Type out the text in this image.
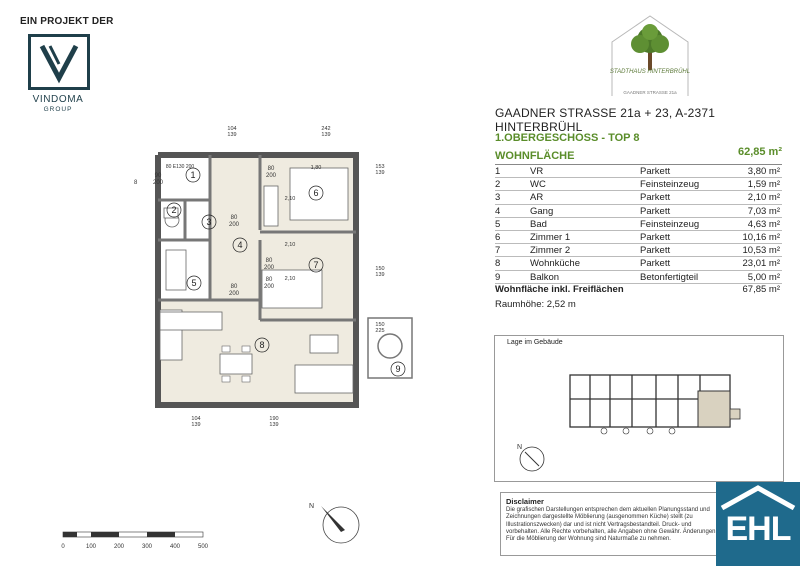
EIN PROJEKT DER
VINDOMA
GROUP
STADTHAUS HINTERBRÜHL
GAADNER STRASSE 21a
GAADNER STRASSE 21a + 23, A-2371 HINTERBRÜHL
1.OBERGESCHOSS - TOP 8
WOHNFLÄCHE	62,85 m²
1	VR	Parkett	3,80 m²
2	WC	Feinsteinzeug	1,59 m²
3	AR	Parkett	2,10 m²
4	Gang	Parkett	7,03 m²
5	Bad	Feinsteinzeug	4,63 m²
6	Zimmer 1	Parkett	10,16 m²
7	Zimmer 2	Parkett	10,53 m²
8	Wohnküche	Parkett	23,01 m²
9	Balkon	Betonfertigteil	5,00 m²
Wohnfläche inkl. Freiflächen	67,85 m²
Raumhöhe: 2,52 m
Lage im Gebäude
N
Disclaimer
Die grafischen Darstellungen entsprechen dem aktuellen Planungsstand und Zeichnungen dargestellte Möblierung (ausgenommen Küche) stellt (zu Illustrationszwecken) dar und ist nicht Vertragsbestandteil. Druck- und vorbehalten. Alle Rechte vorbehalten, alle Angaben ohne Gewähr. Änderungen Für die Möblierung der Wohnung sind Naturmaße zu nehmen.	EHL
1
2
3
4
5
6
7
8
9
80
200
80
200
80
200
80
200
80
200
90
200
1,80
2,10
2,10
2,10
80 E130 200
8
104 139
242 139
153 139
150 139
150 225
104 139
190 139
N
0	100	200	300	400	500
